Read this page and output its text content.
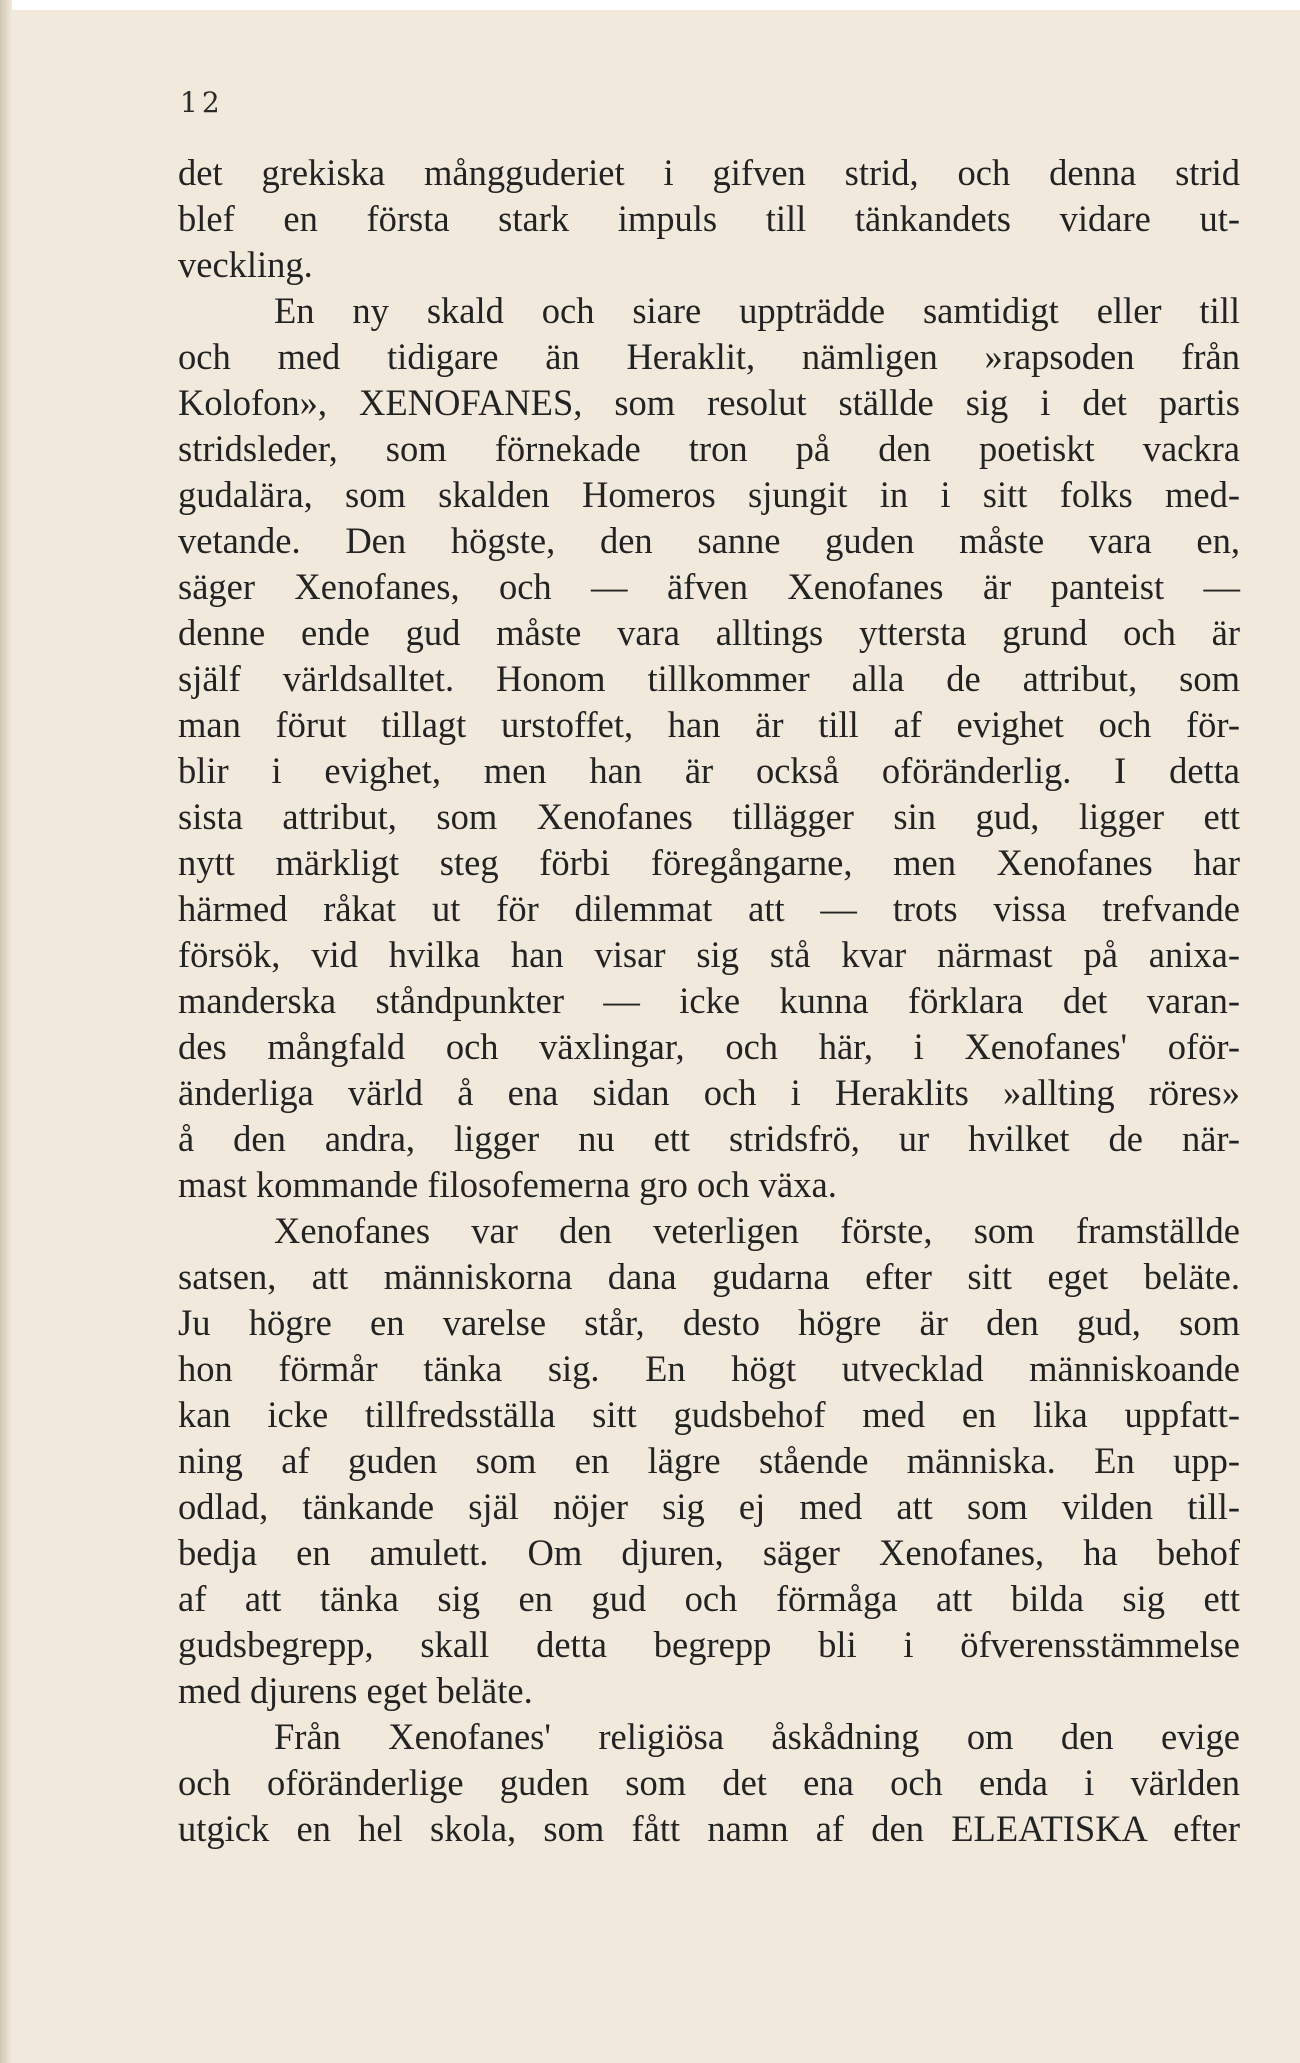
12

det grekiska mångguderiet i gifven strid, och denna strid

blef en första stark impuls till tänkandets vidare ut-

veckling.

En ny skald och siare uppträdde samtidigt eller till

och med tidigare än Heraklit, nämligen »rapsoden från

Kolofon», XENOFANES, som resolut ställde sig i det partis

stridsleder, som förnekade tron på den poetiskt vackra

gudalära, som skalden Homeros sjungit in i sitt folks med-

vetande. Den högste, den sanne guden måste vara en,

säger Xenofanes, och — äfven Xenofanes är panteist —

denne ende gud måste vara alltings yttersta grund och är

själf världsalltet. Honom tillkommer alla de attribut, som

man förut tillagt urstoffet, han är till af evighet och för-

blir i evighet, men han är också oföränderlig. I detta

sista attribut, som Xenofanes tillägger sin gud, ligger ett

nytt märkligt steg förbi föregångarne, men Xenofanes har

härmed råkat ut för dilemmat att — trots vissa trefvande

försök, vid hvilka han visar sig stå kvar närmast på anixa-

manderska ståndpunkter — icke kunna förklara det varan-

des mångfald och växlingar, och här, i Xenofanes' oför-

änderliga värld å ena sidan och i Heraklits »allting röres»

å den andra, ligger nu ett stridsfrö, ur hvilket de när-

mast kommande filosofemerna gro och växa.

Xenofanes var den veterligen förste, som framställde

satsen, att människorna dana gudarna efter sitt eget beläte.

Ju högre en varelse står, desto högre är den gud, som

hon förmår tänka sig. En högt utvecklad människoande

kan icke tillfredsställa sitt gudsbehof med en lika uppfatt-

ning af guden som en lägre stående människa. En upp-

odlad, tänkande själ nöjer sig ej med att som vilden till-

bedja en amulett. Om djuren, säger Xenofanes, ha behof

af att tänka sig en gud och förmåga att bilda sig ett

gudsbegrepp, skall detta begrepp bli i öfverensstämmelse

med djurens eget beläte.

Från Xenofanes' religiösa åskådning om den evige

och oföränderlige guden som det ena och enda i världen

utgick en hel skola, som fått namn af den ELEATISKA efter
